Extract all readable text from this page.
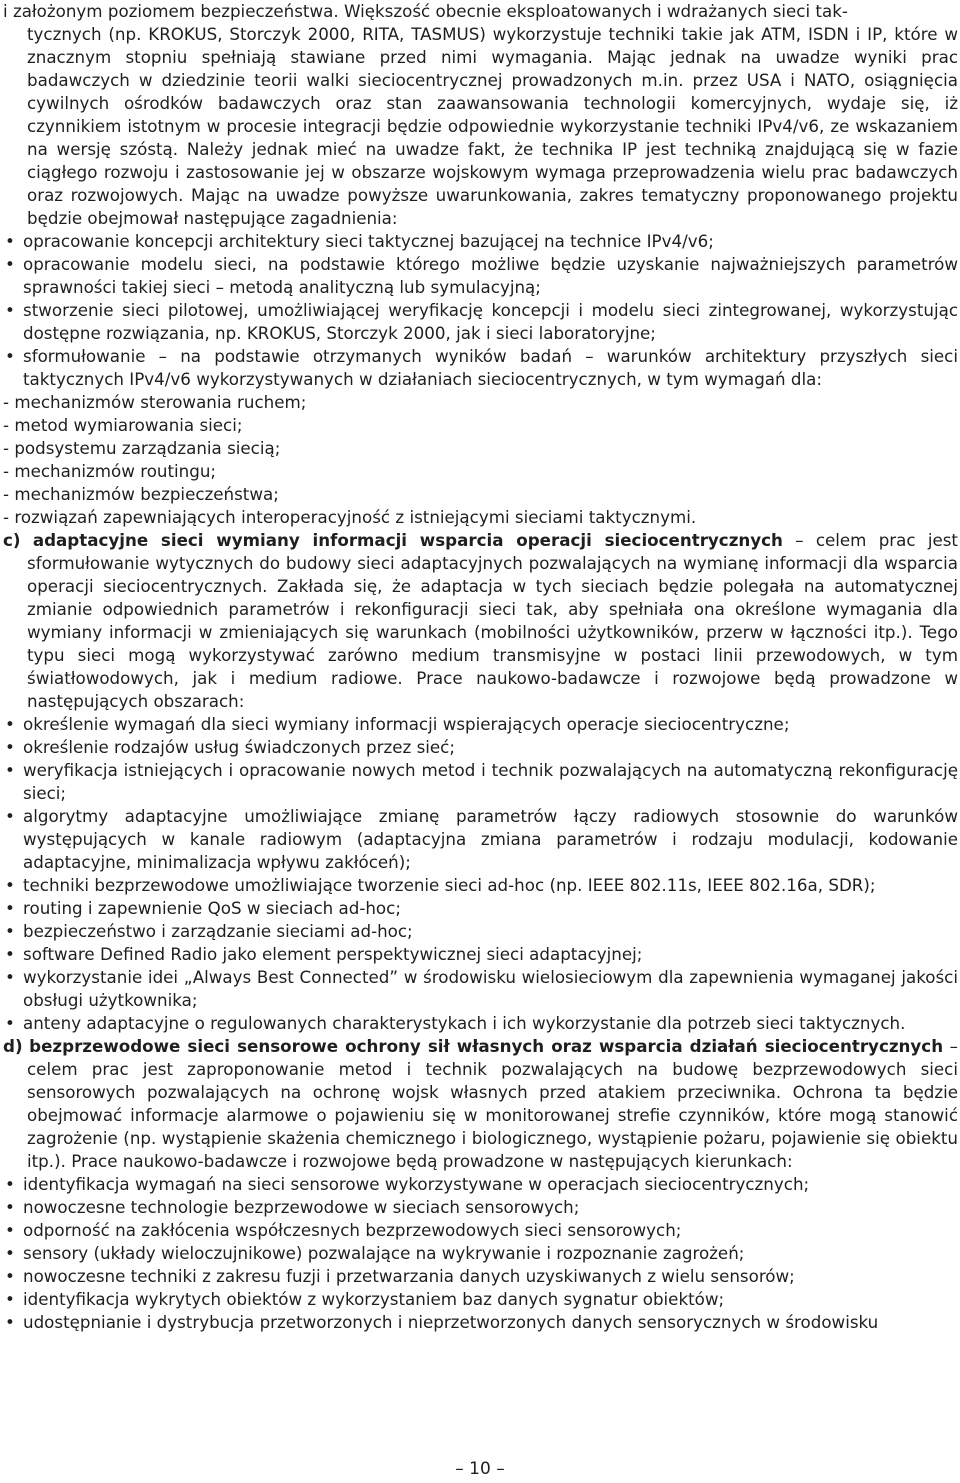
i założonym poziomem bezpieczeństwa. Większość obecnie eksploatowanych i wdrażanych sieci tak-

tycznych (np. KROKUS, Storczyk 2000, RITA, TASMUS) wykorzystuje techniki takie jak ATM, ISDN i IP, które w znacznym stopniu spełniają stawiane przed nimi wymagania. Mając jednak na uwadze wyniki prac badawczych w dziedzinie teorii walki sieciocentrycznej prowadzonych m.in. przez USA i NATO, osiągnięcia cywilnych ośrodków badawczych oraz stan zaawansowania technologii komercyjnych, wydaje się, iż czynnikiem istotnym w procesie integracji będzie odpowiednie wykorzystanie techniki IPv4/v6, ze wskazaniem na wersję szóstą. Należy jednak mieć na uwadze fakt, że technika IP jest techniką znajdującą się w fazie ciągłego rozwoju i zastosowanie jej w obszarze wojskowym wymaga przeprowadzenia wielu prac badawczych oraz rozwojowych. Mając na uwadze powyższe uwarunkowania, zakres tematyczny proponowanego projektu będzie obejmował następujące zagadnienia:

• opracowanie koncepcji architektury sieci taktycznej bazującej na technice IPv4/v6;
• opracowanie modelu sieci, na podstawie którego możliwe będzie uzyskanie najważniejszych parametrów sprawności takiej sieci – metodą analityczną lub symulacyjną;
• stworzenie sieci pilotowej, umożliwiającej weryfikację koncepcji i modelu sieci zintegrowanej, wykorzystując dostępne rozwiązania, np. KROKUS, Storczyk 2000, jak i sieci laboratoryjne;
• sformułowanie – na podstawie otrzymanych wyników badań – warunków architektury przyszłych sieci taktycznych IPv4/v6 wykorzystywanych w działaniach sieciocentrycznych, w tym wymagań dla:
- mechanizmów sterowania ruchem;
- metod wymiarowania sieci;
- podsystemu zarządzania siecią;
- mechanizmów routingu;
- mechanizmów bezpieczeństwa;
- rozwiązań zapewniających interoperacyjność z istniejącymi sieciami taktycznymi.

c) adaptacyjne sieci wymiany informacji wsparcia operacji sieciocentrycznych – celem prac jest sformułowanie wytycznych do budowy sieci adaptacyjnych pozwalających na wymianę informacji dla wsparcia operacji sieciocentrycznych. Zakłada się, że adaptacja w tych sieciach będzie polegała na automatycznej zmianie odpowiednich parametrów i rekonfiguracji sieci tak, aby spełniała ona określone wymagania dla wymiany informacji w zmieniających się warunkach (mobilności użytkowników, przerw w łączności itp.). Tego typu sieci mogą wykorzystywać zarówno medium transmisyjne w postaci linii przewodowych, w tym światłowodowych, jak i medium radiowe. Prace naukowo-badawcze i rozwojowe będą prowadzone w następujących obszarach:

• określenie wymagań dla sieci wymiany informacji wspierających operacje sieciocentryczne;
• określenie rodzajów usług świadczonych przez sieć;
• weryfikacja istniejących i opracowanie nowych metod i technik pozwalających na automatyczną rekonfigurację sieci;
• algorytmy adaptacyjne umożliwiające zmianę parametrów łączy radiowych stosownie do warunków występujących w kanale radiowym (adaptacyjna zmiana parametrów i rodzaju modulacji, kodowanie adaptacyjne, minimalizacja wpływu zakłóceń);
• techniki bezprzewodowe umożliwiające tworzenie sieci ad-hoc (np. IEEE 802.11s, IEEE 802.16a, SDR);
• routing i zapewnienie QoS w sieciach ad-hoc;
• bezpieczeństwo i zarządzanie sieciami ad-hoc;
• software Defined Radio jako element perspektywicznej sieci adaptacyjnej;
• wykorzystanie idei „Always Best Connected” w środowisku wielosieciowym dla zapewnienia wymaganej jakości obsługi użytkownika;
• anteny adaptacyjne o regulowanych charakterystykach i ich wykorzystanie dla potrzeb sieci taktycznych.

d) bezprzewodowe sieci sensorowe ochrony sił własnych oraz wsparcia działań sieciocentrycznych – celem prac jest zaproponowanie metod i technik pozwalających na budowę bezprzewodowych sieci sensorowych pozwalających na ochronę wojsk własnych przed atakiem przeciwnika. Ochrona ta będzie obejmować informacje alarmowe o pojawieniu się w monitorowanej strefie czynników, które mogą stanowić zagrożenie (np. wystąpienie skażenia chemicznego i biologicznego, wystąpienie pożaru, pojawienie się obiektu itp.). Prace naukowo-badawcze i rozwojowe będą prowadzone w następujących kierunkach:

• identyfikacja wymagań na sieci sensorowe wykorzystywane w operacjach sieciocentrycznych;
• nowoczesne technologie bezprzewodowe w sieciach sensorowych;
• odporność na zakłócenia współczesnych bezprzewodowych sieci sensorowych;
• sensory (układy wieloczujnikowe) pozwalające na wykrywanie i rozpoznanie zagrożeń;
• nowoczesne techniki z zakresu fuzji i przetwarzania danych uzyskiwanych z wielu sensorów;
• identyfikacja wykrytych obiektów z wykorzystaniem baz danych sygnatur obiektów;
• udostępnianie i dystrybucja przetworzonych i nieprzetworzonych danych sensorycznych w środowisku
– 10 –
